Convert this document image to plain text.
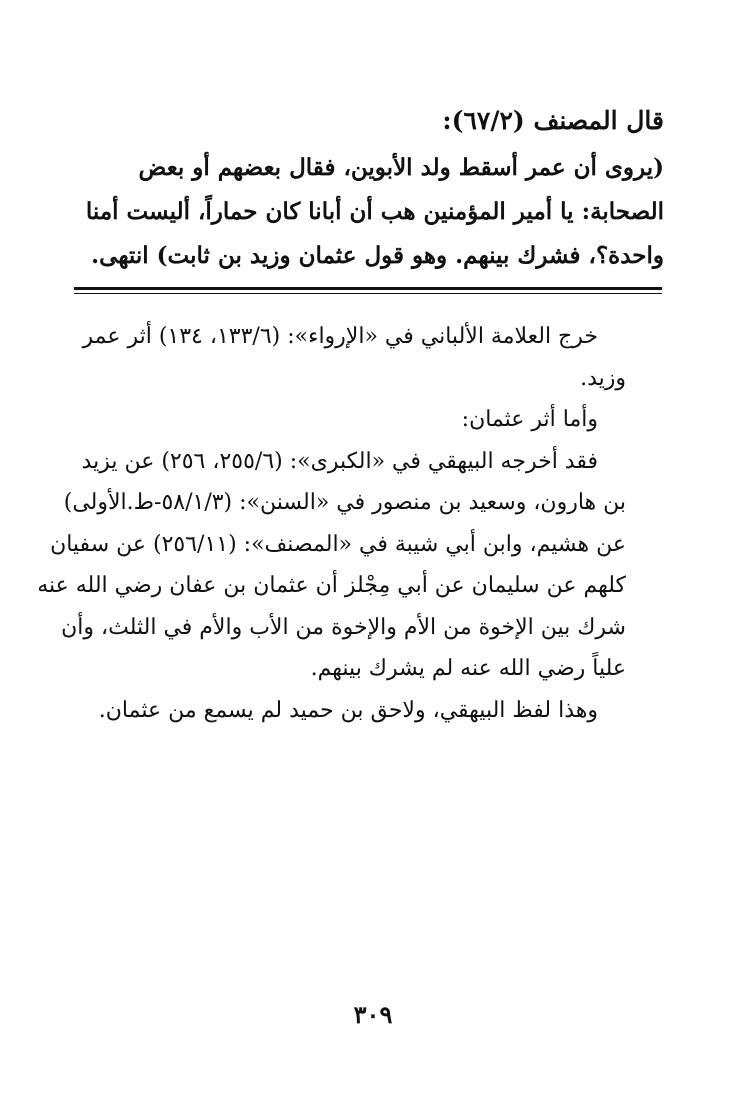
قال المصنف (٦٧/٢):
(يروى أن عمر أسقط ولد الأبوين، فقال بعضهم أو بعض
الصحابة: يا أمير المؤمنين هب أن أبانا كان حماراً، أليست أمنا
واحدة؟، فشرك بينهم. وهو قول عثمان وزيد بن ثابت) انتهى.
خرج العلامة الألباني في «الإرواء»: (١٣٣/٦، ١٣٤) أثر عمر
وزيد.
وأما أثر عثمان:
فقد أخرجه البيهقي في «الكبرى»: (٢٥٥/٦، ٢٥٦) عن يزيد
بن هارون، وسعيد بن منصور في «السنن»: (٥٨/١/٣-ط.الأولى)
عن هشيم، وابن أبي شيبة في «المصنف»: (٢٥٦/١١) عن سفيان
كلهم عن سليمان عن أبي مِجْلز أن عثمان بن عفان رضي الله عنه
شرك بين الإخوة من الأم والإخوة من الأب والأم في الثلث، وأن
علياً رضي الله عنه لم يشرك بينهم.
وهذا لفظ البيهقي، ولاحق بن حميد لم يسمع من عثمان.
٣٠٩
